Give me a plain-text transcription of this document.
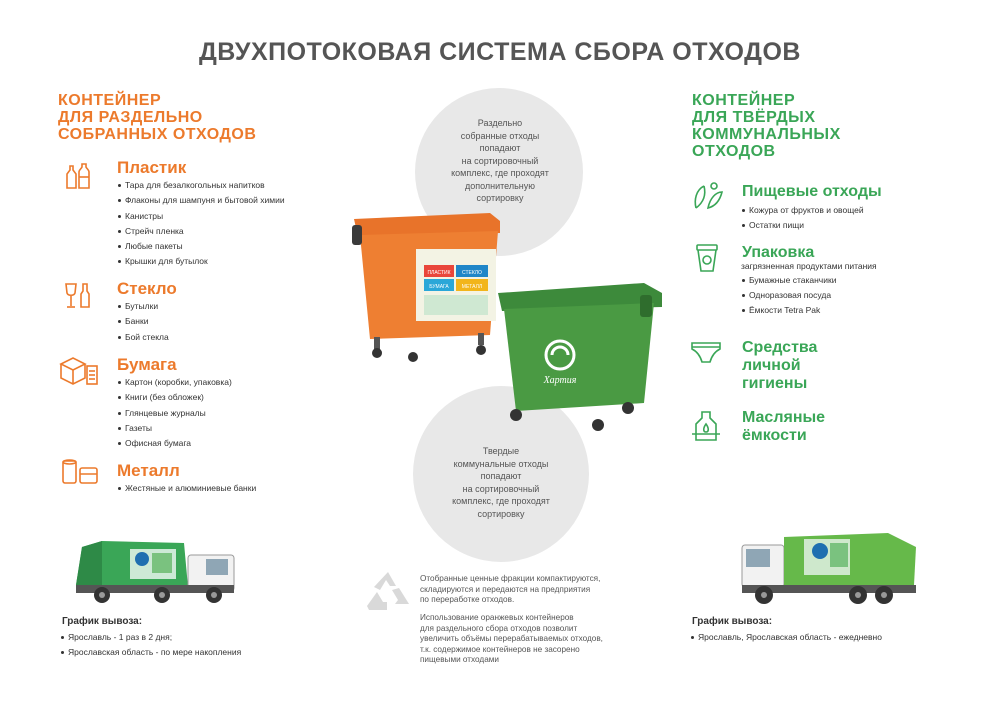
ДВУХПОТОКОВАЯ СИСТЕМА СБОРА ОТХОДОВ
КОНТЕЙНЕР
ДЛЯ РАЗДЕЛЬНО
СОБРАННЫХ ОТХОДОВ
Пластик
Тара для безалкогольных напитков
Флаконы для шампуня и бытовой химии
Канистры
Стрейч пленка
Любые пакеты
Крышки для бутылок
Стекло
Бутылки
Банки
Бой стекла
Бумага
Картон (коробки, упаковка)
Книги (без обложек)
Глянцевые журналы
Газеты
Офисная бумага
Металл
Жестяные и алюминиевые банки
График вывоза:
Ярославль - 1 раз в 2 дня;
Ярославская область - по мере накопления
Раздельно
собранные отходы
попадают
на сортировочный
комплекс, где проходят
дополнительную
сортировку
Твердые
коммунальные отходы
попадают
на сортировочный
комплекс, где проходят
сортировку
ПЛАСТИК СТЕКЛО
БУМАГА	МЕТАЛЛ
Хартия
Отобранные ценные фракции компактируются,
складируются и передаются на предприятия
по переработке отходов.
Использование оранжевых контейнеров
для раздельного сбора отходов позволит
увеличить объёмы перерабатываемых отходов,
т.к. содержимое контейнеров не засорено
пищевыми отходами
КОНТЕЙНЕР
ДЛЯ ТВЁРДЫХ
КОММУНАЛЬНЫХ
ОТХОДОВ
Пищевые отходы
Кожура от фруктов и овощей
Остатки пищи
Упаковка
загрязненная продуктами питания
Бумажные стаканчики
Одноразовая посуда
Ёмкости Tetra Pak
Средства
личной
гигиены
Масляные
ёмкости
График вывоза:
Ярославль, Ярославская область - ежедневно
